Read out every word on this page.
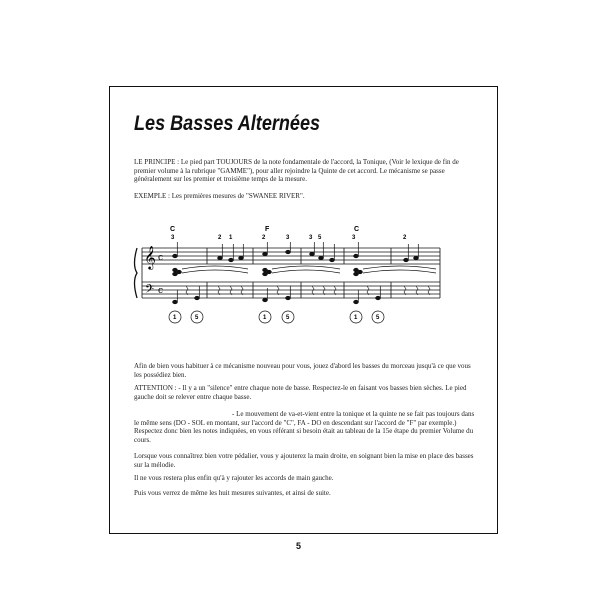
Les Basses Alternées
LE PRINCIPE : Le pied part TOUJOURS de la note fondamentale de l'accord, la Tonique, (Voir le lexique de fin de premier volume à la rubrique "GAMME"), pour aller rejoindre la Quinte de cet accord. Le mécanisme se passe généralement sur les premier et troisième temps de la mesure.
EXEMPLE : Les premières mesures de "SWANEE RIVER".
C	F	C
3	2 1	2	3	3 5	3	2
𝄞
𝄢
c
c
1	5	1	5	1	5
Afin de bien vous habituer à ce mécanisme nouveau pour vous, jouez d'abord les basses du morceau jusqu'à ce que vous les possédiez bien.
ATTENTION : - Il y a un "silence" entre chaque note de basse. Respectez-le en faisant vos basses bien sèches. Le pied gauche doit se relever entre chaque basse.
- Le mouvement de va-et-vient entre la tonique et la quinte ne se fait pas toujours dans le même sens (DO - SOL en montant, sur l'accord de "C", FA - DO en descendant sur l'accord de "F" par exemple.) Respectez donc bien les notes indiquées, en vous référant si besoin était au tableau de la 15e étape du premier Volume du cours.
Lorsque vous connaîtrez bien votre pédalier, vous y ajouterez la main droite, en soignant bien la mise en place des basses sur la mélodie.
Il ne vous restera plus enfin qu'à y rajouter les accords de main gauche.
Puis vous verrez de même les huit mesures suivantes, et ainsi de suite.
5
